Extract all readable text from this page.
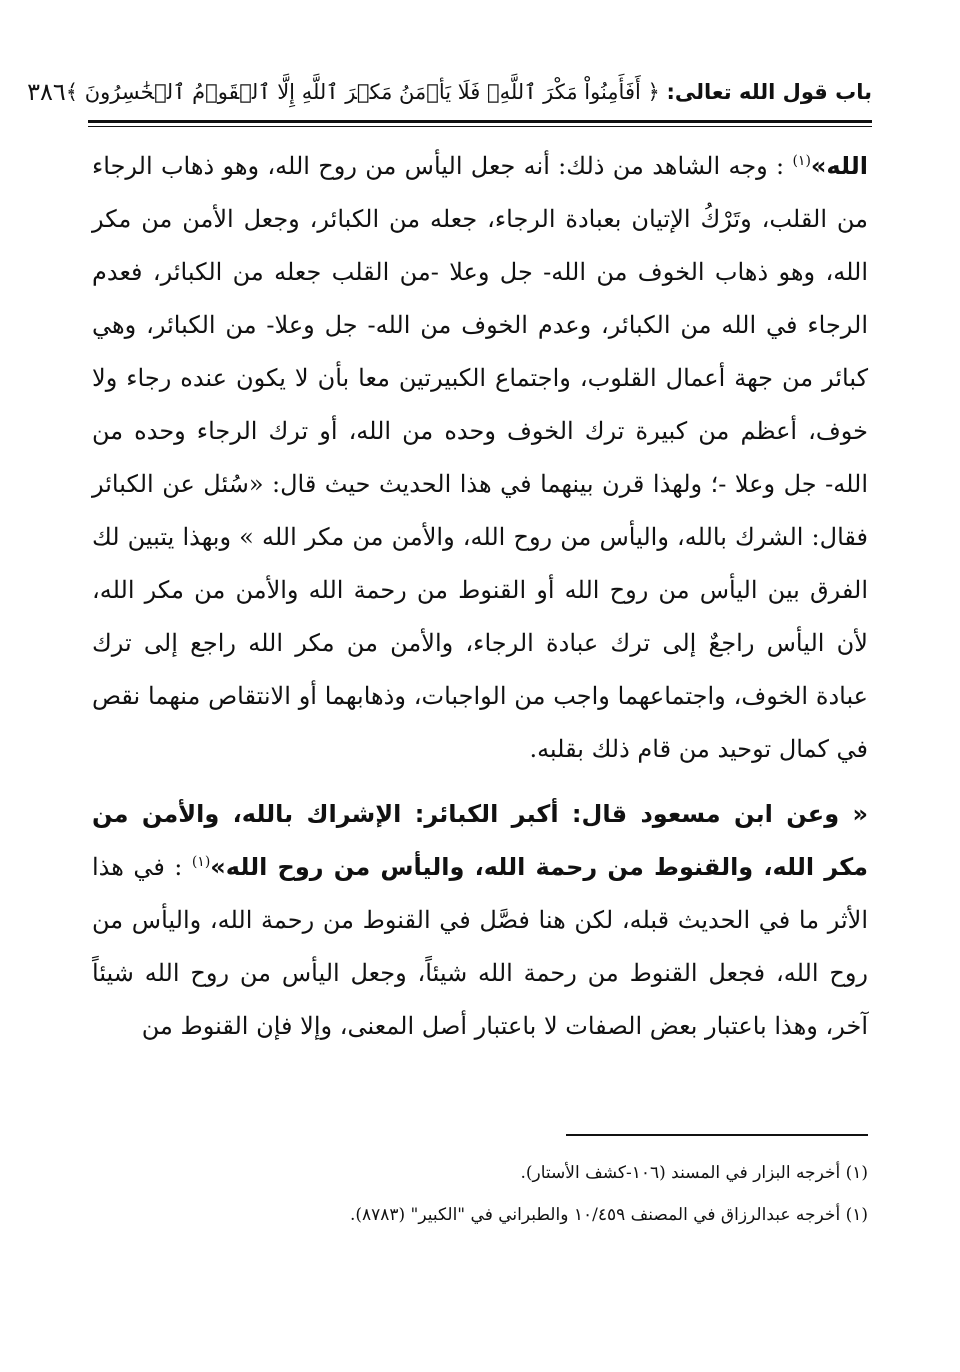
باب قول الله تعالى: ﴿ أَفَأَمِنُواْ مَكْرَ ٱللَّهِۚ فَلَا يَأۡمَنُ مَكۡرَ ٱللَّهِ إِلَّا ٱلۡقَوۡمُ ٱلۡخَٰسِرُونَ ﴾
٣٨٦

الله»$^{(١)}$ : وجه الشاهد من ذلك: أنه جعل اليأس من روح الله، وهو ذهاب الرجاء من القلب، وتَرْكُ الإتيان بعبادة الرجاء، جعله من الكبائر، وجعل الأمن من مكر الله، وهو ذهاب الخوف من الله- جل وعلا -من القلب جعله من الكبائر، فعدم الرجاء في الله من الكبائر، وعدم الخوف من الله- جل وعلا- من الكبائر، وهي كبائر من جهة أعمال القلوب، واجتماع الكبيرتين معا بأن لا يكون عنده رجاء ولا خوف، أعظم من كبيرة ترك الخوف وحده من الله، أو ترك الرجاء وحده من الله- جل وعلا -؛ ولهذا قرن بينهما في هذا الحديث حيث قال: «سُئل عن الكبائر فقال: الشرك بالله، واليأس من روح الله، والأمن من مكر الله » وبهذا يتبين لك الفرق بين اليأس من روح الله أو القنوط من رحمة الله والأمن من مكر الله، لأن اليأس راجعٌ إلى ترك عبادة الرجاء، والأمن من مكر الله راجع إلى ترك عبادة الخوف، واجتماعهما واجب من الواجبات، وذهابهما أو الانتقاص منهما نقص في كمال توحيد من قام ذلك بقلبه.

« وعن ابن مسعود قال: أكبر الكبائر: الإشراك بالله، والأمن من مكر الله، والقنوط من رحمة الله، واليأس من روح الله»$^{(١)}$ : في هذا الأثر ما في الحديث قبله، لكن هنا فصَّل في القنوط من رحمة الله، واليأس من روح الله، فجعل القنوط من رحمة الله شيئاً، وجعل اليأس من روح الله شيئاً آخر، وهذا باعتبار بعض الصفات لا باعتبار أصل المعنى، وإلا فإن القنوط من

(١) أخرجه البزار في المسند (١٠٦-كشف الأستار).
(١) أخرجه عبدالرزاق في المصنف ١٠/٤٥٩ والطبراني في "الكبير" (٨٧٨٣).
